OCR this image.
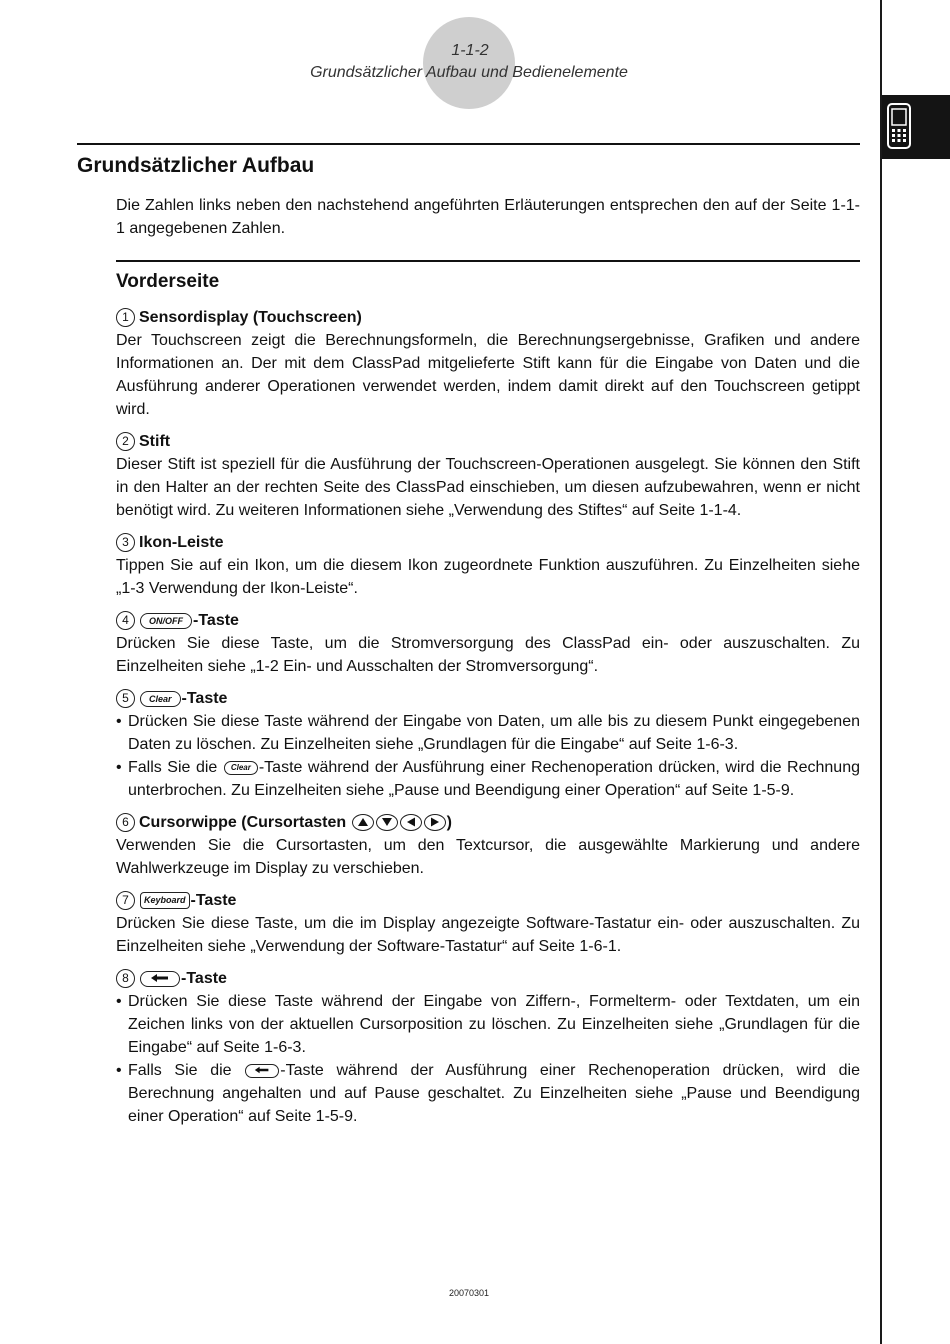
1-1-2
Grundsätzlicher Aufbau und Bedienelemente
Grundsätzlicher Aufbau

Die Zahlen links neben den nachstehend angeführten Erläuterungen entsprechen den auf der Seite 1-1-1 angegebenen Zahlen.

Vorderseite

1 Sensordisplay (Touchscreen)

Der Touchscreen zeigt die Berechnungsformeln, die Berechnungsergebnisse, Grafiken und andere Informationen an. Der mit dem ClassPad mitgelieferte Stift kann für die Eingabe von Daten und die Ausführung anderer Operationen verwendet werden, indem damit direkt auf den Touchscreen getippt wird.

2 Stift

Dieser Stift ist speziell für die Ausführung der Touchscreen-Operationen ausgelegt. Sie können den Stift in den Halter an der rechten Seite des ClassPad einschieben, um diesen aufzubewahren, wenn er nicht benötigt wird. Zu weiteren Informationen siehe „Verwendung des Stiftes“ auf Seite 1-1-4.

3 Ikon-Leiste

Tippen Sie auf ein Ikon, um die diesem Ikon zugeordnete Funktion auszuführen. Zu Einzelheiten siehe „1-3 Verwendung der Ikon-Leiste“.

4	ON/OFF -Taste

Drücken Sie diese Taste, um die Stromversorgung des ClassPad ein- oder auszuschalten. Zu Einzelheiten siehe „1-2 Ein- und Ausschalten der Stromversorgung“.

5	Clear -Taste

• Drücken Sie diese Taste während der Eingabe von Daten, um alle bis zu diesem Punkt eingegebenen Daten zu löschen. Zu Einzelheiten siehe „Grundlagen für die Eingabe“ auf Seite 1-6-3.

• Falls Sie die Clear -Taste während der Ausführung einer Rechenoperation drücken, wird die Rechnung unterbrochen. Zu Einzelheiten siehe „Pause und Beendigung einer Operation“ auf Seite 1-5-9.

6 Cursorwippe (Cursortasten
	)

Verwenden Sie die Cursortasten, um den Textcursor, die ausgewählte Markierung und andere Wahlwerkzeuge im Display zu verschieben.

7	Keyboard -Taste

Drücken Sie diese Taste, um die im Display angezeigte Software-Tastatur ein- oder auszuschalten. Zu Einzelheiten siehe „Verwendung der Software-Tastatur“ auf Seite 1-6-1.

8	-Taste

• Drücken Sie diese Taste während der Eingabe von Ziffern-, Formelterm- oder Textdaten, um ein Zeichen links von der aktuellen Cursorposition zu löschen. Zu Einzelheiten siehe „Grundlagen für die Eingabe“ auf Seite 1-6-3.

• Falls Sie die -Taste während der Ausführung einer Rechenoperation drücken, wird die Berechnung angehalten und auf Pause geschaltet. Zu Einzelheiten siehe „Pause und Beendigung einer Operation“ auf Seite 1-5-9.

20070301
